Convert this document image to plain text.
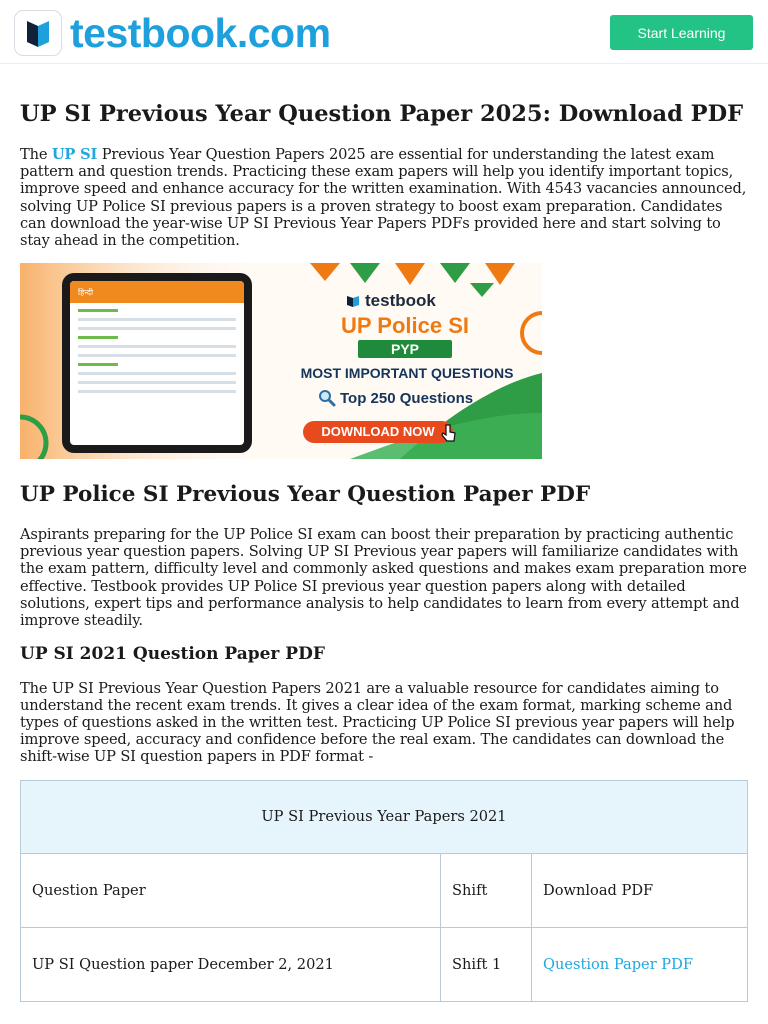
testbook.com	Start Learning
UP SI Previous Year Question Paper 2025: Download PDF

The UP SI Previous Year Question Papers 2025 are essential for understanding the latest exam pattern and question trends. Practicing these exam papers will help you identify important topics, improve speed and enhance accuracy for the written examination. With 4543 vacancies announced, solving UP Police SI previous papers is a proven strategy to boost exam preparation. Candidates can download the year-wise UP SI Previous Year Papers PDFs provided here and start solving to stay ahead in the competition.

हिन्दी	testbook
UP Police SI
PYP
MOST IMPORTANT QUESTIONS
Top 250 Questions
DOWNLOAD NOW
UP Police SI Previous Year Question Paper PDF

Aspirants preparing for the UP Police SI exam can boost their preparation by practicing authentic previous year question papers. Solving UP SI Previous year papers will familiarize candidates with the exam pattern, difficulty level and commonly asked questions and makes exam preparation more effective. Testbook provides UP Police SI previous year question papers along with detailed solutions, expert tips and performance analysis to help candidates to learn from every attempt and improve steadily.

UP SI 2021 Question Paper PDF

The UP SI Previous Year Question Papers 2021 are a valuable resource for candidates aiming to understand the recent exam trends. It gives a clear idea of the exam format, marking scheme and types of questions asked in the written test. Practicing UP Police SI previous year papers will help improve speed, accuracy and confidence before the real exam. The candidates can download the shift-wise UP SI question papers in PDF format -

UP SI Previous Year Papers 2021		
Question Paper	Shift	Download PDF
UP SI Question paper December 2, 2021	Shift 1	Question Paper PDF
